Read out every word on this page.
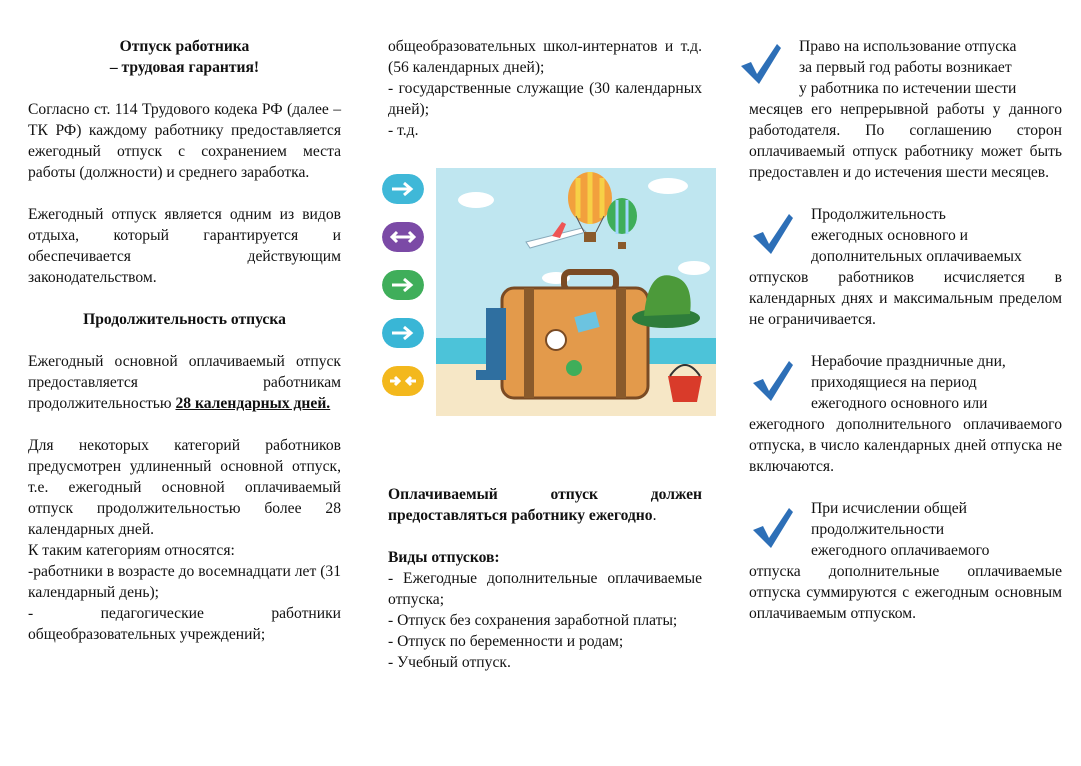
Отпуск работника

– трудовая гарантия!

Согласно ст. 114 Трудового кодека РФ (далее – ТК РФ) каждому работнику предоставляется ежегодный отпуск с сохранением места работы (должности) и среднего заработка.

Ежегодный отпуск является одним из видов отдыха, который гарантируется и обеспечивается действующим законодательством.

Продолжительность отпуска

Ежегодный основной оплачиваемый отпуск предоставляется работникам продолжительностью 28 календарных дней.

Для некоторых категорий работников предусмотрен удлиненный основной отпуск, т.е. ежегодный основной оплачиваемый отпуск продолжительностью более 28 календарных дней.

К таким категориям относятся:

-работники в возрасте до восемнадцати лет (31 календарный день);

- педагогические работники общеобразовательных учреждений;

общеобразовательных школ-интернатов и т.д. (56 календарных дней);

- государственные служащие (30 календарных дней);

- т.д.

Оплачиваемый отпуск должен предоставляться работнику ежегодно.

Виды отпусков:

- Ежегодные дополнительные оплачиваемые отпуска;

- Отпуск без сохранения заработной платы;

- Отпуск по беременности и родам;

- Учебный отпуск.

Право на использование отпуска

за первый год работы возникает

у работника по истечении шести

месяцев его непрерывной работы у данного работодателя. По соглашению сторон оплачиваемый отпуск работнику может быть предоставлен и до истечения шести месяцев.

Продолжительность

ежегодных основного и

дополнительных оплачиваемых

отпусков работников исчисляется в календарных днях и максимальным пределом не ограничивается.

Нерабочие праздничные дни,

приходящиеся на период

ежегодного основного или

ежегодного дополнительного оплачиваемого отпуска, в число календарных дней отпуска не включаются.

При исчислении общей

продолжительности

ежегодного оплачиваемого

отпуска дополнительные оплачиваемые отпуска суммируются с ежегодным основным оплачиваемым отпуском.
